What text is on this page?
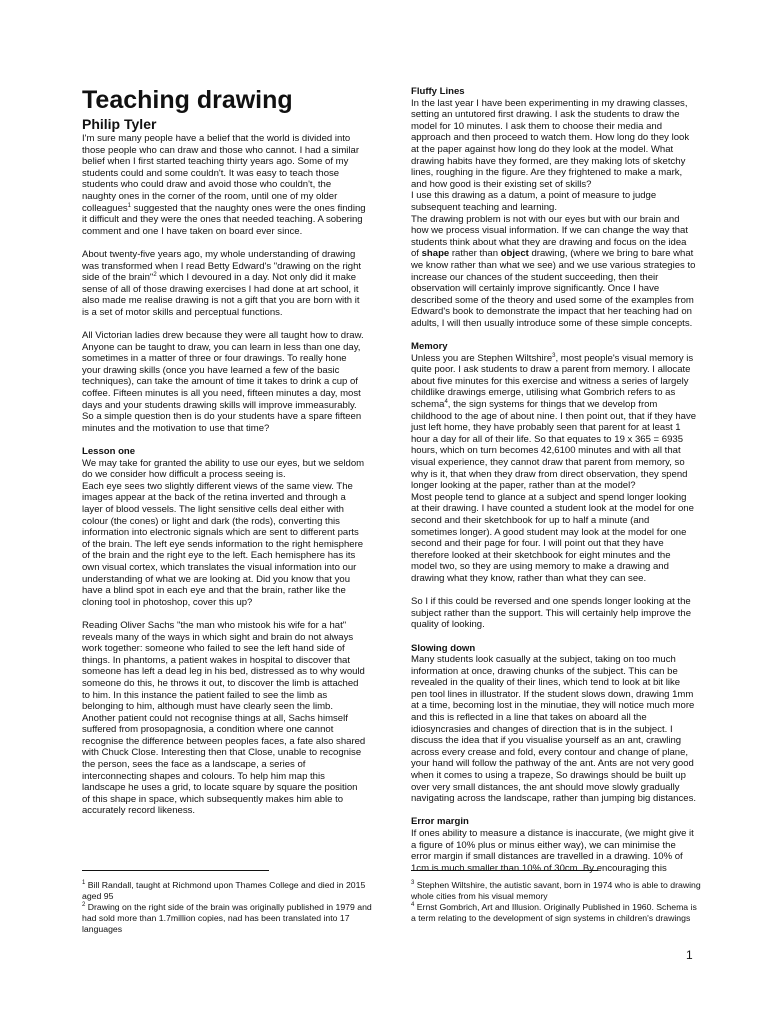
Teaching drawing
Philip Tyler

I'm sure many people have a belief that the world is divided into those people who can draw and those who cannot. I had a similar belief when I first started teaching thirty years ago. Some of my students could and some couldn't. It was easy to teach those students who could draw and avoid those who couldn't, the naughty ones in the corner of the room, until one of my older colleagues$^1$ suggested that the naughty ones were the ones finding it difficult and they were the ones that needed teaching. A sobering comment and one I have taken on board ever since.

About twenty-five years ago, my whole understanding of drawing was transformed when I read Betty Edward's "drawing on the right side of the brain"$^2$ which I devoured in a day. Not only did it make sense of all of those drawing exercises I had done at art school, it also made me realise drawing is not a gift that you are born with it is a set of motor skills and perceptual functions.

All Victorian ladies drew because they were all taught how to draw. Anyone can be taught to draw, you can learn in less than one day, sometimes in a matter of three or four drawings. To really hone your drawing skills (once you have learned a few of the basic techniques), can take the amount of time it takes to drink a cup of coffee. Fifteen minutes is all you need, fifteen minutes a day, most days and your students drawing skills will improve immeasurably. So a simple question then is do your students have a spare fifteen minutes and the motivation to use that time?

Lesson one

We may take for granted the ability to use our eyes, but we seldom do we consider how difficult a process seeing is.

Each eye sees two slightly different views of the same view. The images appear at the back of the retina inverted and through a layer of blood vessels. The light sensitive cells deal either with colour (the cones) or light and dark (the rods), converting this information into electronic signals which are sent to different parts of the brain. The left eye sends information to the right hemisphere of the brain and the right eye to the left. Each hemisphere has its own visual cortex, which translates the visual information into our understanding of what we are looking at. Did you know that you have a blind spot in each eye and that the brain, rather like the cloning tool in photoshop, cover this up?

Reading Oliver Sachs "the man who mistook his wife for a hat" reveals many of the ways in which sight and brain do not always work together: someone who failed to see the left hand side of things. In phantoms, a patient wakes in hospital to discover that someone has left a dead leg in his bed, distressed as to why would someone do this, he throws it out, to discover the limb is attached to him. In this instance the patient failed to see the limb as belonging to him, although must have clearly seen the limb.

Another patient could not recognise things at all, Sachs himself suffered from prosopagnosia, a condition where one cannot recognise the difference between peoples faces, a fate also shared with Chuck Close. Interesting then that Close, unable to recognise the person, sees the face as a landscape, a series of interconnecting shapes and colours. To help him map this landscape he uses a grid, to locate square by square the position of this shape in space, which subsequently makes him able to accurately record likeness.

Fluffy Lines

In the last year I have been experimenting in my drawing classes, setting an untutored first drawing. I ask the students to draw the model for 10 minutes. I ask them to choose their media and approach and then proceed to watch them. How long do they look at the paper against how long do they look at the model. What drawing habits have they formed, are they making lots of sketchy lines, roughing in the figure. Are they frightened to make a mark, and how good is their existing set of skills?

I use this drawing as a datum, a point of measure to judge subsequent teaching and learning.

The drawing problem is not with our eyes but with our brain and how we process visual information. If we can change the way that students think about what they are drawing and focus on the idea of shape rather than object drawing, (where we bring to bare what we know rather than what we see) and we use various strategies to increase our chances of the student succeeding, then their observation will certainly improve significantly. Once I have described some of the theory and used some of the examples from Edward's book to demonstrate the impact that her teaching had on adults, I will then usually introduce some of these simple concepts.

Memory

Unless you are Stephen Wiltshire$^3$, most people's visual memory is quite poor. I ask students to draw a parent from memory. I allocate about five minutes for this exercise and witness a series of largely childlike drawings emerge, utilising what Gombrich refers to as schema$^4$, the sign systems for things that we develop from childhood to the age of about nine. I then point out, that if they have just left home, they have probably seen that parent for at least 1 hour a day for all of their life. So that equates to 19 x 365 = 6935 hours, which on turn becomes 42,6100 minutes and with all that visual experience, they cannot draw that parent from memory, so why is it, that when they draw from direct observation, they spend longer looking at the paper, rather than at the model?

Most people tend to glance at a subject and spend longer looking at their drawing. I have counted a student look at the model for one second and their sketchbook for up to half a minute (and sometimes longer). A good student may look at the model for one second and their page for four. I will point out that they have therefore looked at their sketchbook for eight minutes and the model two, so they are using memory to make a drawing and drawing what they know, rather than what they can see.

So I if this could be reversed and one spends longer looking at the subject rather than the support. This will certainly help improve the quality of looking.

Slowing down

Many students look casually at the subject, taking on too much information at once, drawing chunks of the subject. This can be revealed in the quality of their lines, which tend to look at bit like pen tool lines in illustrator. If the student slows down, drawing 1mm at a time, becoming lost in the minutiae, they will notice much more and this is reflected in a line that takes on aboard all the idiosyncrasies and changes of direction that is in the subject. I discuss the idea that if you visualise yourself as an ant, crawling across every crease and fold, every contour and change of plane, your hand will follow the pathway of the ant. Ants are not very good when it comes to using a trapeze, So drawings should be built up over very small distances, the ant should move slowly gradually navigating across the landscape, rather than jumping big distances.

Error margin

If ones ability to measure a distance is inaccurate, (we might give it a figure of 10% plus or minus either way), we can minimise the error margin if small distances are travelled in a drawing. 10% of 1cm is much smaller than 10% of 30cm. By encouraging this

$^1$ Bill Randall, taught at Richmond upon Thames College and died in 2015 aged 95

$^2$ Drawing on the right side of the brain was originally published in 1979 and had sold more than 1.7million copies, nad has been translated into 17 languages

$^3$ Stephen Wiltshire, the autistic savant, born in 1974 who is able to drawing whole cities from his visual memory

$^4$ Ernst Gombrich, Art and Illusion. Originally Published in 1960. Schema is a term relating to the development of sign systems in children's drawings

1
